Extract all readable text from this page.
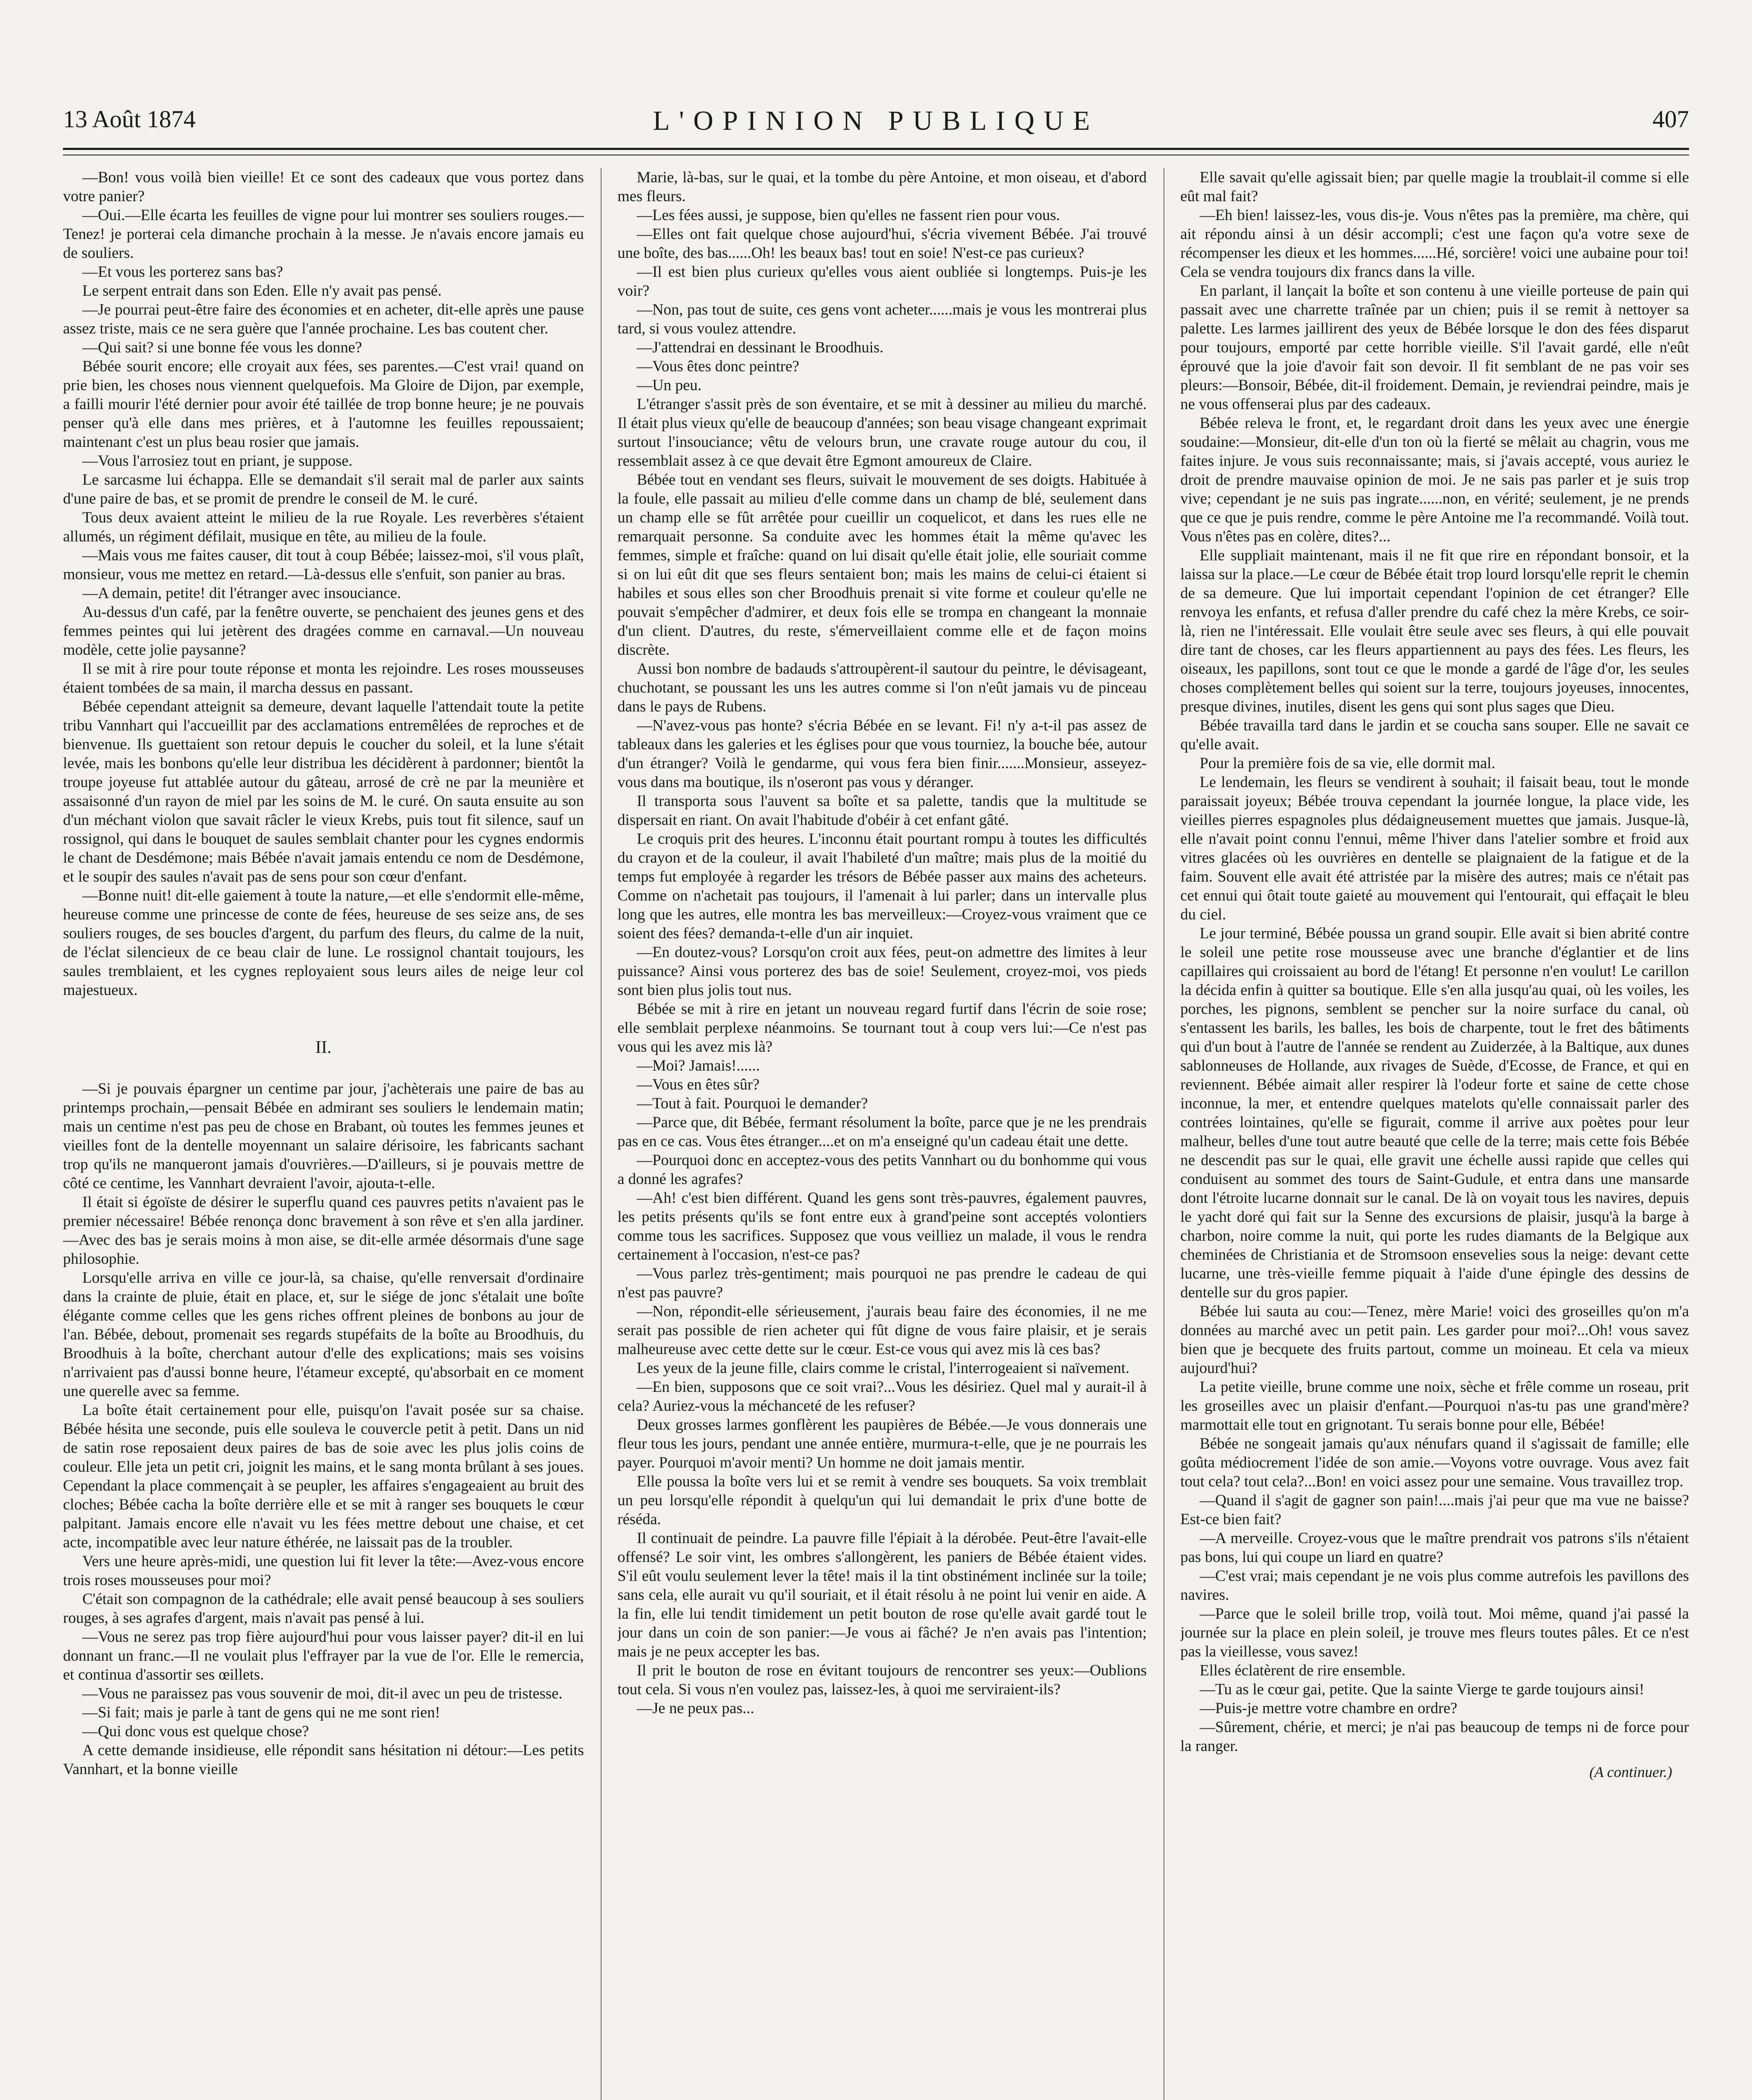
13 Août 1874	L'OPINION PUBLIQUE	407

—Bon! vous voilà bien vieille! Et ce sont des cadeaux que vous portez dans votre panier?

—Oui.—Elle écarta les feuilles de vigne pour lui montrer ses souliers rouges.—Tenez! je porterai cela dimanche prochain à la messe. Je n'avais encore jamais eu de souliers.

—Et vous les porterez sans bas?

Le serpent entrait dans son Eden. Elle n'y avait pas pensé.

—Je pourrai peut-être faire des économies et en acheter, dit-elle après une pause assez triste, mais ce ne sera guère que l'année prochaine. Les bas coutent cher.

—Qui sait? si une bonne fée vous les donne?

Bébée sourit encore; elle croyait aux fées, ses parentes.—C'est vrai! quand on prie bien, les choses nous viennent quelquefois. Ma Gloire de Dijon, par exemple, a failli mourir l'été dernier pour avoir été taillée de trop bonne heure; je ne pouvais penser qu'à elle dans mes prières, et à l'automne les feuilles repoussaient; maintenant c'est un plus beau rosier que jamais.

—Vous l'arrosiez tout en priant, je suppose.

Le sarcasme lui échappa. Elle se demandait s'il serait mal de parler aux saints d'une paire de bas, et se promit de prendre le conseil de M. le curé.

Tous deux avaient atteint le milieu de la rue Royale. Les reverbères s'étaient allumés, un régiment défilait, musique en tête, au milieu de la foule.

—Mais vous me faites causer, dit tout à coup Bébée; laissez-moi, s'il vous plaît, monsieur, vous me mettez en retard.—Là-dessus elle s'enfuit, son panier au bras.

—A demain, petite! dit l'étranger avec insouciance.

Au-dessus d'un café, par la fenêtre ouverte, se penchaient des jeunes gens et des femmes peintes qui lui jetèrent des dragées comme en carnaval.—Un nouveau modèle, cette jolie paysanne?

Il se mit à rire pour toute réponse et monta les rejoindre. Les roses mousseuses étaient tombées de sa main, il marcha dessus en passant.

Bébée cependant atteignit sa demeure, devant laquelle l'attendait toute la petite tribu Vannhart qui l'accueillit par des acclamations entremêlées de reproches et de bienvenue. Ils guettaient son retour depuis le coucher du soleil, et la lune s'était levée, mais les bonbons qu'elle leur distribua les décidèrent à pardonner; bientôt la troupe joyeuse fut attablée autour du gâteau, arrosé de crè ne par la meunière et assaisonné d'un rayon de miel par les soins de M. le curé. On sauta ensuite au son d'un méchant violon que savait râcler le vieux Krebs, puis tout fit silence, sauf un rossignol, qui dans le bouquet de saules semblait chanter pour les cygnes endormis le chant de Desdémone; mais Bébée n'avait jamais entendu ce nom de Desdémone, et le soupir des saules n'avait pas de sens pour son cœur d'enfant.

—Bonne nuit! dit-elle gaiement à toute la nature,—et elle s'endormit elle-même, heureuse comme une princesse de conte de fées, heureuse de ses seize ans, de ses souliers rouges, de ses boucles d'argent, du parfum des fleurs, du calme de la nuit, de l'éclat silencieux de ce beau clair de lune. Le rossignol chantait toujours, les saules tremblaient, et les cygnes reployaient sous leurs ailes de neige leur col majestueux.

II.

—Si je pouvais épargner un centime par jour, j'achèterais une paire de bas au printemps prochain,—pensait Bébée en admirant ses souliers le lendemain matin; mais un centime n'est pas peu de chose en Brabant, où toutes les femmes jeunes et vieilles font de la dentelle moyennant un salaire dérisoire, les fabricants sachant trop qu'ils ne manqueront jamais d'ouvrières.—D'ailleurs, si je pouvais mettre de côté ce centime, les Vannhart devraient l'avoir, ajouta-t-elle.

Il était si égoïste de désirer le superflu quand ces pauvres petits n'avaient pas le premier nécessaire! Bébée renonça donc bravement à son rêve et s'en alla jardiner.—Avec des bas je serais moins à mon aise, se dit-elle armée désormais d'une sage philosophie.

Lorsqu'elle arriva en ville ce jour-là, sa chaise, qu'elle renversait d'ordinaire dans la crainte de pluie, était en place, et, sur le siége de jonc s'étalait une boîte élégante comme celles que les gens riches offrent pleines de bonbons au jour de l'an. Bébée, debout, promenait ses regards stupéfaits de la boîte au Broodhuis, du Broodhuis à la boîte, cherchant autour d'elle des explications; mais ses voisins n'arrivaient pas d'aussi bonne heure, l'étameur excepté, qu'absorbait en ce moment une querelle avec sa femme.

La boîte était certainement pour elle, puisqu'on l'avait posée sur sa chaise. Bébée hésita une seconde, puis elle souleva le couvercle petit à petit. Dans un nid de satin rose reposaient deux paires de bas de soie avec les plus jolis coins de couleur. Elle jeta un petit cri, joignit les mains, et le sang monta brûlant à ses joues. Cependant la place commençait à se peupler, les affaires s'engageaient au bruit des cloches; Bébée cacha la boîte derrière elle et se mit à ranger ses bouquets le cœur palpitant. Jamais encore elle n'avait vu les fées mettre debout une chaise, et cet acte, incompatible avec leur nature éthérée, ne laissait pas de la troubler.

Vers une heure après-midi, une question lui fit lever la tête:—Avez-vous encore trois roses mousseuses pour moi?

C'était son compagnon de la cathédrale; elle avait pensé beaucoup à ses souliers rouges, à ses agrafes d'argent, mais n'avait pas pensé à lui.

—Vous ne serez pas trop fière aujourd'hui pour vous laisser payer? dit-il en lui donnant un franc.—Il ne voulait plus l'effrayer par la vue de l'or. Elle le remercia, et continua d'assortir ses œillets.

—Vous ne paraissez pas vous souvenir de moi, dit-il avec un peu de tristesse.

—Si fait; mais je parle à tant de gens qui ne me sont rien!

—Qui donc vous est quelque chose?

A cette demande insidieuse, elle répondit sans hésitation ni détour:—Les petits Vannhart, et la bonne vieille

Marie, là-bas, sur le quai, et la tombe du père Antoine, et mon oiseau, et d'abord mes fleurs.

—Les fées aussi, je suppose, bien qu'elles ne fassent rien pour vous.

—Elles ont fait quelque chose aujourd'hui, s'écria vivement Bébée. J'ai trouvé une boîte, des bas......Oh! les beaux bas! tout en soie! N'est-ce pas curieux?

—Il est bien plus curieux qu'elles vous aient oubliée si longtemps. Puis-je les voir?

—Non, pas tout de suite, ces gens vont acheter......mais je vous les montrerai plus tard, si vous voulez attendre.

—J'attendrai en dessinant le Broodhuis.

—Vous êtes donc peintre?

—Un peu.

L'étranger s'assit près de son éventaire, et se mit à dessiner au milieu du marché. Il était plus vieux qu'elle de beaucoup d'années; son beau visage changeant exprimait surtout l'insouciance; vêtu de velours brun, une cravate rouge autour du cou, il ressemblait assez à ce que devait être Egmont amoureux de Claire.

Bébée tout en vendant ses fleurs, suivait le mouvement de ses doigts. Habituée à la foule, elle passait au milieu d'elle comme dans un champ de blé, seulement dans un champ elle se fût arrêtée pour cueillir un coquelicot, et dans les rues elle ne remarquait personne. Sa conduite avec les hommes était la même qu'avec les femmes, simple et fraîche: quand on lui disait qu'elle était jolie, elle souriait comme si on lui eût dit que ses fleurs sentaient bon; mais les mains de celui-ci étaient si habiles et sous elles son cher Broodhuis prenait si vite forme et couleur qu'elle ne pouvait s'empêcher d'admirer, et deux fois elle se trompa en changeant la monnaie d'un client. D'autres, du reste, s'émerveillaient comme elle et de façon moins discrète.

Aussi bon nombre de badauds s'attroupèrent-il sautour du peintre, le dévisageant, chuchotant, se poussant les uns les autres comme si l'on n'eût jamais vu de pinceau dans le pays de Rubens.

—N'avez-vous pas honte? s'écria Bébée en se levant. Fi! n'y a-t-il pas assez de tableaux dans les galeries et les églises pour que vous tourniez, la bouche bée, autour d'un étranger? Voilà le gendarme, qui vous fera bien finir.......Monsieur, asseyez-vous dans ma boutique, ils n'oseront pas vous y déranger.

Il transporta sous l'auvent sa boîte et sa palette, tandis que la multitude se dispersait en riant. On avait l'habitude d'obéir à cet enfant gâté.

Le croquis prit des heures. L'inconnu était pourtant rompu à toutes les difficultés du crayon et de la couleur, il avait l'habileté d'un maître; mais plus de la moitié du temps fut employée à regarder les trésors de Bébée passer aux mains des acheteurs. Comme on n'achetait pas toujours, il l'amenait à lui parler; dans un intervalle plus long que les autres, elle montra les bas merveilleux:—Croyez-vous vraiment que ce soient des fées? demanda-t-elle d'un air inquiet.

—En doutez-vous? Lorsqu'on croit aux fées, peut-on admettre des limites à leur puissance? Ainsi vous porterez des bas de soie! Seulement, croyez-moi, vos pieds sont bien plus jolis tout nus.

Bébée se mit à rire en jetant un nouveau regard furtif dans l'écrin de soie rose; elle semblait perplexe néanmoins. Se tournant tout à coup vers lui:—Ce n'est pas vous qui les avez mis là?

—Moi? Jamais!......

—Vous en êtes sûr?

—Tout à fait. Pourquoi le demander?

—Parce que, dit Bébée, fermant résolument la boîte, parce que je ne les prendrais pas en ce cas. Vous êtes étranger....et on m'a enseigné qu'un cadeau était une dette.

—Pourquoi donc en acceptez-vous des petits Vannhart ou du bonhomme qui vous a donné les agrafes?

—Ah! c'est bien différent. Quand les gens sont très-pauvres, également pauvres, les petits présents qu'ils se font entre eux à grand'peine sont acceptés volontiers comme tous les sacrifices. Supposez que vous veilliez un malade, il vous le rendra certainement à l'occasion, n'est-ce pas?

—Vous parlez très-gentiment; mais pourquoi ne pas prendre le cadeau de qui n'est pas pauvre?

—Non, répondit-elle sérieusement, j'aurais beau faire des économies, il ne me serait pas possible de rien acheter qui fût digne de vous faire plaisir, et je serais malheureuse avec cette dette sur le cœur. Est-ce vous qui avez mis là ces bas?

Les yeux de la jeune fille, clairs comme le cristal, l'interrogeaient si naïvement.

—En bien, supposons que ce soit vrai?...Vous les désiriez. Quel mal y aurait-il à cela? Auriez-vous la méchanceté de les refuser?

Deux grosses larmes gonflèrent les paupières de Bébée.—Je vous donnerais une fleur tous les jours, pendant une année entière, murmura-t-elle, que je ne pourrais les payer. Pourquoi m'avoir menti? Un homme ne doit jamais mentir.

Elle poussa la boîte vers lui et se remit à vendre ses bouquets. Sa voix tremblait un peu lorsqu'elle répondit à quelqu'un qui lui demandait le prix d'une botte de réséda.

Il continuait de peindre. La pauvre fille l'épiait à la dérobée. Peut-être l'avait-elle offensé? Le soir vint, les ombres s'allongèrent, les paniers de Bébée étaient vides. S'il eût voulu seulement lever la tête! mais il la tint obstinément inclinée sur la toile; sans cela, elle aurait vu qu'il souriait, et il était résolu à ne point lui venir en aide. A la fin, elle lui tendit timidement un petit bouton de rose qu'elle avait gardé tout le jour dans un coin de son panier:—Je vous ai fâché? Je n'en avais pas l'intention; mais je ne peux accepter les bas.

Il prit le bouton de rose en évitant toujours de rencontrer ses yeux:—Oublions tout cela. Si vous n'en voulez pas, laissez-les, à quoi me serviraient-ils?

—Je ne peux pas...

Elle savait qu'elle agissait bien; par quelle magie la troublait-il comme si elle eût mal fait?

—Eh bien! laissez-les, vous dis-je. Vous n'êtes pas la première, ma chère, qui ait répondu ainsi à un désir accompli; c'est une façon qu'a votre sexe de récompenser les dieux et les hommes......Hé, sorcière! voici une aubaine pour toi! Cela se vendra toujours dix francs dans la ville.

En parlant, il lançait la boîte et son contenu à une vieille porteuse de pain qui passait avec une charrette traînée par un chien; puis il se remit à nettoyer sa palette. Les larmes jaillirent des yeux de Bébée lorsque le don des fées disparut pour toujours, emporté par cette horrible vieille. S'il l'avait gardé, elle n'eût éprouvé que la joie d'avoir fait son devoir. Il fit semblant de ne pas voir ses pleurs:—Bonsoir, Bébée, dit-il froidement. Demain, je reviendrai peindre, mais je ne vous offenserai plus par des cadeaux.

Bébée releva le front, et, le regardant droit dans les yeux avec une énergie soudaine:—Monsieur, dit-elle d'un ton où la fierté se mêlait au chagrin, vous me faites injure. Je vous suis reconnaissante; mais, si j'avais accepté, vous auriez le droit de prendre mauvaise opinion de moi. Je ne sais pas parler et je suis trop vive; cependant je ne suis pas ingrate......non, en vérité; seulement, je ne prends que ce que je puis rendre, comme le père Antoine me l'a recommandé. Voilà tout. Vous n'êtes pas en colère, dites?...

Elle suppliait maintenant, mais il ne fit que rire en répondant bonsoir, et la laissa sur la place.—Le cœur de Bébée était trop lourd lorsqu'elle reprit le chemin de sa demeure. Que lui importait cependant l'opinion de cet étranger? Elle renvoya les enfants, et refusa d'aller prendre du café chez la mère Krebs, ce soir-là, rien ne l'intéressait. Elle voulait être seule avec ses fleurs, à qui elle pouvait dire tant de choses, car les fleurs appartiennent au pays des fées. Les fleurs, les oiseaux, les papillons, sont tout ce que le monde a gardé de l'âge d'or, les seules choses complètement belles qui soient sur la terre, toujours joyeuses, innocentes, presque divines, inutiles, disent les gens qui sont plus sages que Dieu.

Bébée travailla tard dans le jardin et se coucha sans souper. Elle ne savait ce qu'elle avait.

Pour la première fois de sa vie, elle dormit mal.

Le lendemain, les fleurs se vendirent à souhait; il faisait beau, tout le monde paraissait joyeux; Bébée trouva cependant la journée longue, la place vide, les vieilles pierres espagnoles plus dédaigneusement muettes que jamais. Jusque-là, elle n'avait point connu l'ennui, même l'hiver dans l'atelier sombre et froid aux vitres glacées où les ouvrières en dentelle se plaignaient de la fatigue et de la faim. Souvent elle avait été attristée par la misère des autres; mais ce n'était pas cet ennui qui ôtait toute gaieté au mouvement qui l'entourait, qui effaçait le bleu du ciel.

Le jour terminé, Bébée poussa un grand soupir. Elle avait si bien abrité contre le soleil une petite rose mousseuse avec une branche d'églantier et de lins capillaires qui croissaient au bord de l'étang! Et personne n'en voulut! Le carillon la décida enfin à quitter sa boutique. Elle s'en alla jusqu'au quai, où les voiles, les porches, les pignons, semblent se pencher sur la noire surface du canal, où s'entassent les barils, les balles, les bois de charpente, tout le fret des bâtiments qui d'un bout à l'autre de l'année se rendent au Zuiderzée, à la Baltique, aux dunes sablonneuses de Hollande, aux rivages de Suède, d'Ecosse, de France, et qui en reviennent. Bébée aimait aller respirer là l'odeur forte et saine de cette chose inconnue, la mer, et entendre quelques matelots qu'elle connaissait parler des contrées lointaines, qu'elle se figurait, comme il arrive aux poètes pour leur malheur, belles d'une tout autre beauté que celle de la terre; mais cette fois Bébée ne descendit pas sur le quai, elle gravit une échelle aussi rapide que celles qui conduisent au sommet des tours de Saint-Gudule, et entra dans une mansarde dont l'étroite lucarne donnait sur le canal. De là on voyait tous les navires, depuis le yacht doré qui fait sur la Senne des excursions de plaisir, jusqu'à la barge à charbon, noire comme la nuit, qui porte les rudes diamants de la Belgique aux cheminées de Christiania et de Stromsoon ensevelies sous la neige: devant cette lucarne, une très-vieille femme piquait à l'aide d'une épingle des dessins de dentelle sur du gros papier.

Bébée lui sauta au cou:—Tenez, mère Marie! voici des groseilles qu'on m'a données au marché avec un petit pain. Les garder pour moi?...Oh! vous savez bien que je becquete des fruits partout, comme un moineau. Et cela va mieux aujourd'hui?

La petite vieille, brune comme une noix, sèche et frêle comme un roseau, prit les groseilles avec un plaisir d'enfant.—Pourquoi n'as-tu pas une grand'mère? marmottait elle tout en grignotant. Tu serais bonne pour elle, Bébée!

Bébée ne songeait jamais qu'aux nénufars quand il s'agissait de famille; elle goûta médiocrement l'idée de son amie.—Voyons votre ouvrage. Vous avez fait tout cela? tout cela?...Bon! en voici assez pour une semaine. Vous travaillez trop.

—Quand il s'agit de gagner son pain!....mais j'ai peur que ma vue ne baisse? Est-ce bien fait?

—A merveille. Croyez-vous que le maître prendrait vos patrons s'ils n'étaient pas bons, lui qui coupe un liard en quatre?

—C'est vrai; mais cependant je ne vois plus comme autrefois les pavillons des navires.

—Parce que le soleil brille trop, voilà tout. Moi même, quand j'ai passé la journée sur la place en plein soleil, je trouve mes fleurs toutes pâles. Et ce n'est pas la vieillesse, vous savez!

Elles éclatèrent de rire ensemble.

—Tu as le cœur gai, petite. Que la sainte Vierge te garde toujours ainsi!

—Puis-je mettre votre chambre en ordre?

—Sûrement, chérie, et merci; je n'ai pas beaucoup de temps ni de force pour la ranger.

(A continuer.)
